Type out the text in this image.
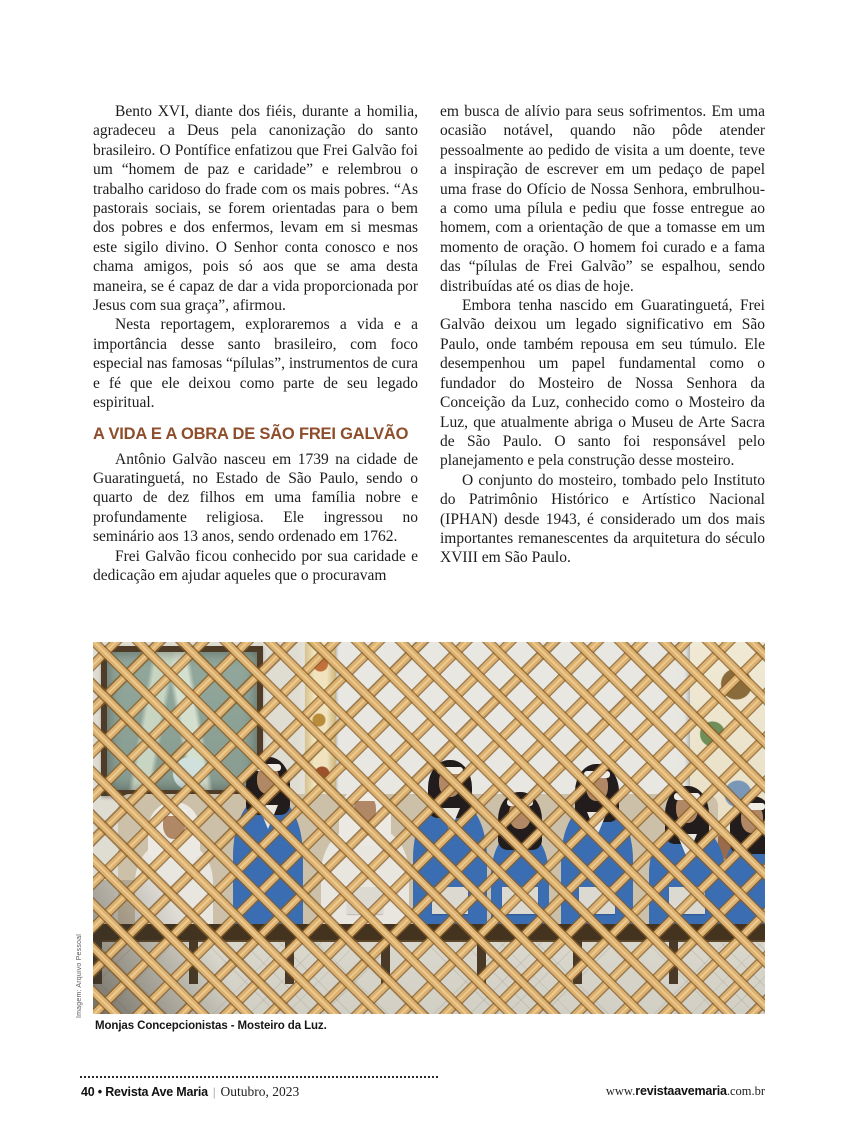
Bento XVI, diante dos fiéis, durante a homilia, agradeceu a Deus pela canonização do santo brasileiro. O Pontífice enfatizou que Frei Galvão foi um “homem de paz e caridade” e relembrou o trabalho caridoso do frade com os mais pobres. “As pastorais sociais, se forem orientadas para o bem dos pobres e dos enfermos, levam em si mesmas este sigilo divino. O Senhor conta conosco e nos chama amigos, pois só aos que se ama desta maneira, se é capaz de dar a vida proporcionada por Jesus com sua graça”, afirmou.

Nesta reportagem, exploraremos a vida e a importância desse santo brasileiro, com foco especial nas famosas “pílulas”, instrumentos de cura e fé que ele deixou como parte de seu legado espiritual.

A VIDA E A OBRA DE SÃO FREI GALVÃO

Antônio Galvão nasceu em 1739 na cidade de Guaratinguetá, no Estado de São Paulo, sendo o quarto de dez filhos em uma família nobre e profundamente religiosa. Ele ingressou no seminário aos 13 anos, sendo ordenado em 1762.

Frei Galvão ficou conhecido por sua caridade e dedicação em ajudar aqueles que o procuravam

em busca de alívio para seus sofrimentos. Em uma ocasião notável, quando não pôde atender pessoalmente ao pedido de visita a um doente, teve a inspiração de escrever em um pedaço de papel uma frase do Ofício de Nossa Senhora, embrulhou-a como uma pílula e pediu que fosse entregue ao homem, com a orientação de que a tomasse em um momento de oração. O homem foi curado e a fama das “pílulas de Frei Galvão” se espalhou, sendo distribuídas até os dias de hoje.

Embora tenha nascido em Guaratinguetá, Frei Galvão deixou um legado significativo em São Paulo, onde também repousa em seu túmulo. Ele desempenhou um papel fundamental como o fundador do Mosteiro de Nossa Senhora da Conceição da Luz, conhecido como o Mosteiro da Luz, que atualmente abriga o Museu de Arte Sacra de São Paulo. O santo foi responsável pelo planejamento e pela construção desse mosteiro.

O conjunto do mosteiro, tombado pelo Instituto do Patrimônio Histórico e Artístico Nacional (IPHAN) desde 1943, é considerado um dos mais importantes remanescentes da arquitetura do século XVIII em São Paulo.

Imagem: Arquivo Pessoal
Monjas Concepcionistas - Mosteiro da Luz.
40 • Revista Ave Maria | Outubro, 2023	www.revistaavemaria.com.br
